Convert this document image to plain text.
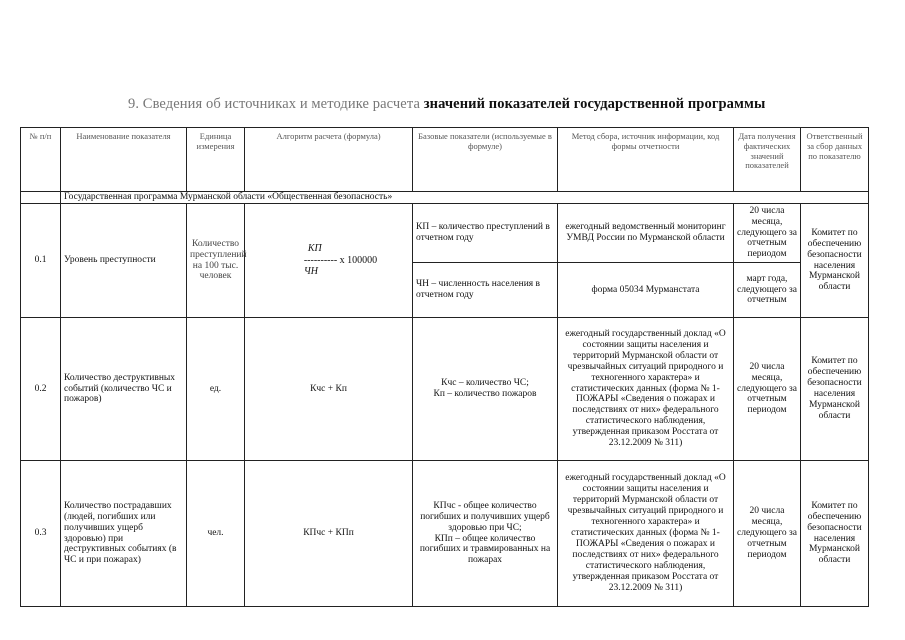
9. Сведения об источниках и методике расчета значений показателей государственной программы
№ п/п	Наименование показателя	Единица измерения	Алгоритм расчета (формула)	Базовые показатели (используемые в формуле)	Метод сбора, источник информации, код формы отчетности	Дата получения фактических значений показателей	Ответственный за сбор данных по показателю
	Государственная программа Мурманской области «Общественная безопасность»						
0.1	Уровень преступности	Количество преступлений на 100 тыс. человек	КП
---------- х 100000
ЧН	КП – количество преступлений в отчетном году	ежегодный ведомственный мониторинг УМВД России по Мурманской области	20 числа месяца, следующего за отчетным периодом	Комитет по обеспечению безопасности населения Мурманской области
				ЧН – численность населения в отчетном году	форма 05034 Мурманстата	март года, следующего за отчетным	
0.2	Количество деструктивных событий (количество ЧС и пожаров)	ед.	Кчс + Кп	Кчс – количество ЧС;
Кп – количество пожаров	ежегодный государственный доклад «О состоянии защиты населения и территорий Мурманской области от чрезвычайных ситуаций природного и техногенного характера» и статистических данных (форма № 1-ПОЖАРЫ «Сведения о пожарах и последствиях от них» федерального статистического наблюдения, утвержденная приказом Росстата от 23.12.2009 № 311)	20 числа месяца, следующего за отчетным периодом	Комитет по обеспечению безопасности населения Мурманской области
0.3	Количество пострадавших (людей, погибших или получивших ущерб здоровью) при деструктивных событиях (в ЧС и при пожарах)	чел.	КПчс + КПп	КПчс - общее количество погибших и получивших ущерб здоровью при ЧС;
КПп – общее количество погибших и травмированных на пожарах	ежегодный государственный доклад «О состоянии защиты населения и территорий Мурманской области от чрезвычайных ситуаций природного и техногенного характера» и статистических данных (форма № 1-ПОЖАРЫ «Сведения о пожарах и последствиях от них» федерального статистического наблюдения, утвержденная приказом Росстата от 23.12.2009 № 311)	20 числа месяца, следующего за отчетным периодом	Комитет по обеспечению безопасности населения Мурманской области
